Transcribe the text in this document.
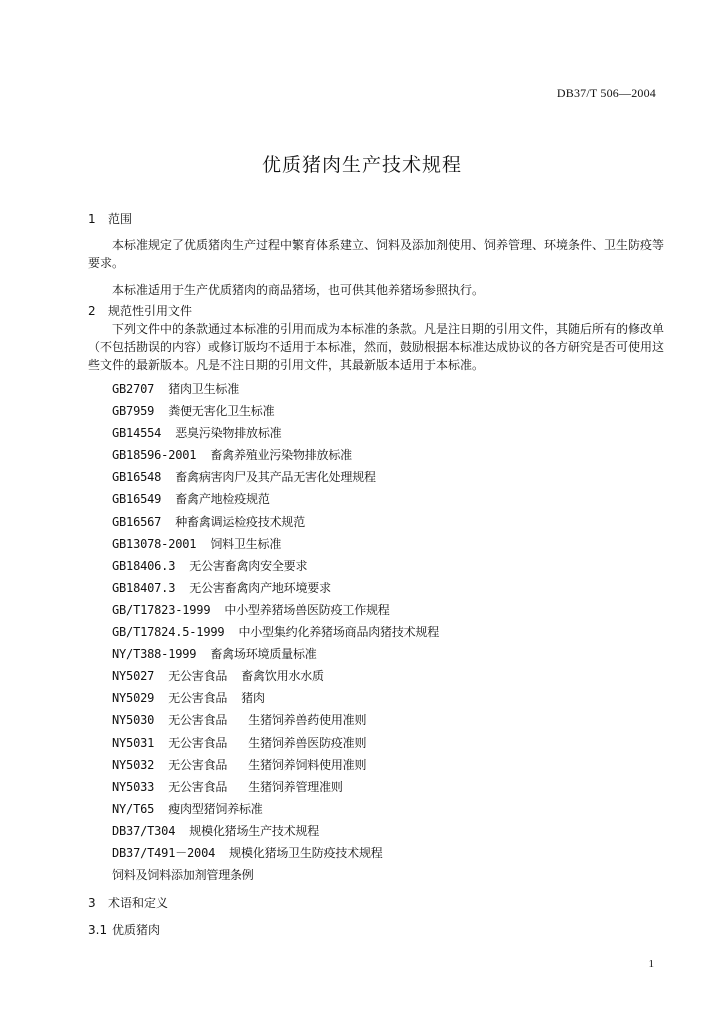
DB37/T 506—2004
优质猪肉生产技术规程
1 范围
本标准规定了优质猪肉生产过程中繁育体系建立、饲料及添加剂使用、饲养管理、环境条件、卫生防疫等要求。
本标准适用于生产优质猪肉的商品猪场，也可供其他养猪场参照执行。
2 规范性引用文件
下列文件中的条款通过本标准的引用而成为本标准的条款。凡是注日期的引用文件，其随后所有的修改单（不包括勘误的内容）或修订版均不适用于本标准，然而，鼓励根据本标准达成协议的各方研究是否可使用这些文件的最新版本。凡是不注日期的引用文件，其最新版本适用于本标准。
GB2707  猪肉卫生标准
GB7959  粪便无害化卫生标准
GB14554  恶臭污染物排放标准
GB18596-2001  畜禽养殖业污染物排放标准
GB16548  畜禽病害肉尸及其产品无害化处理规程
GB16549  畜禽产地检疫规范
GB16567  种畜禽调运检疫技术规范
GB13078-2001  饲料卫生标准
GB18406.3  无公害畜禽肉安全要求
GB18407.3  无公害畜禽肉产地环境要求
GB/T17823-1999  中小型养猪场兽医防疫工作规程
GB/T17824.5-1999  中小型集约化养猪场商品肉猪技术规程
NY/T388-1999  畜禽场环境质量标准
NY5027  无公害食品  畜禽饮用水水质
NY5029  无公害食品  猪肉
NY5030  无公害食品   生猪饲养兽药使用准则
NY5031  无公害食品   生猪饲养兽医防疫准则
NY5032  无公害食品   生猪饲养饲料使用准则
NY5033  无公害食品   生猪饲养管理准则
NY/T65  瘦肉型猪饲养标准
DB37/T304  规模化猪场生产技术规程
DB37/T491－2004  规模化猪场卫生防疫技术规程
饲料及饲料添加剂管理条例
3 术语和定义
3.1 优质猪肉
1
